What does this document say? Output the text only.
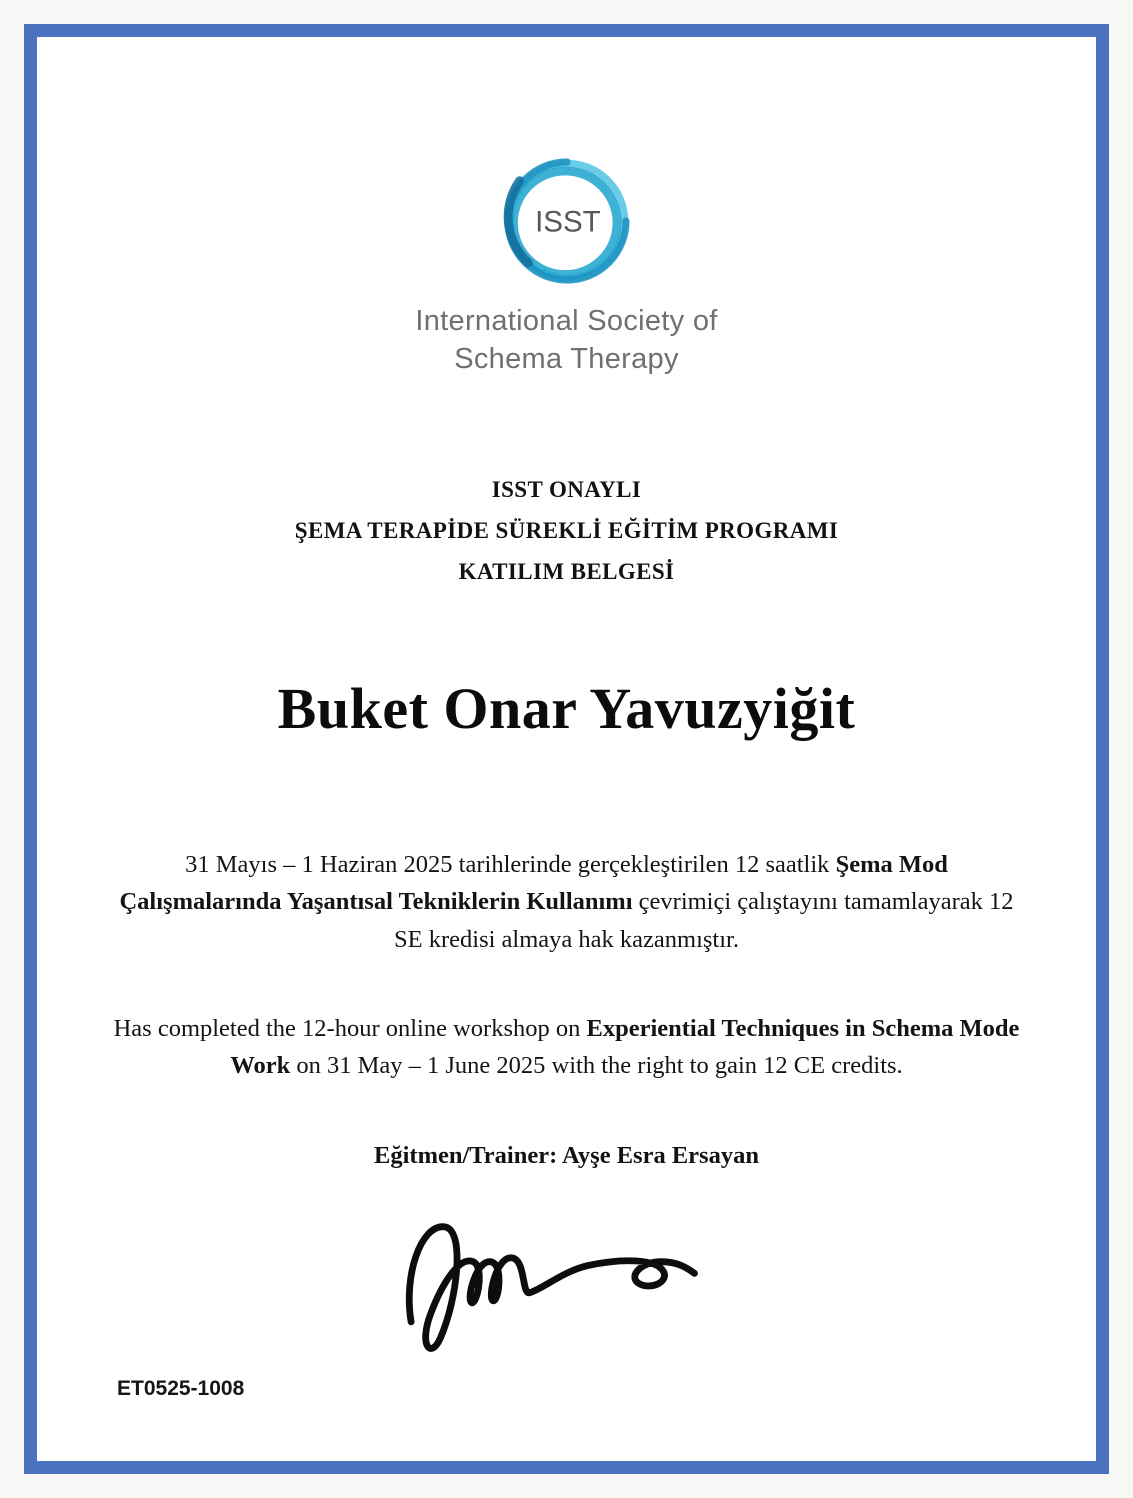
ISST
International Society of
Schema Therapy
ISST ONAYLI
ŞEMA TERAPİDE SÜREKLİ EĞİTİM PROGRAMI
KATILIM BELGESİ
Buket Onar Yavuzyiğit

31 Mayıs – 1 Haziran 2025 tarihlerinde gerçekleştirilen 12 saatlik Şema Mod Çalışmalarında Yaşantısal Tekniklerin Kullanımı çevrimiçi çalıştayını tamamlayarak 12 SE kredisi almaya hak kazanmıştır.

Has completed the 12-hour online workshop on Experiential Techniques in Schema Mode Work on 31 May – 1 June 2025 with the right to gain 12 CE credits.

Eğitmen/Trainer: Ayşe Esra Ersayan
ET0525-1008
